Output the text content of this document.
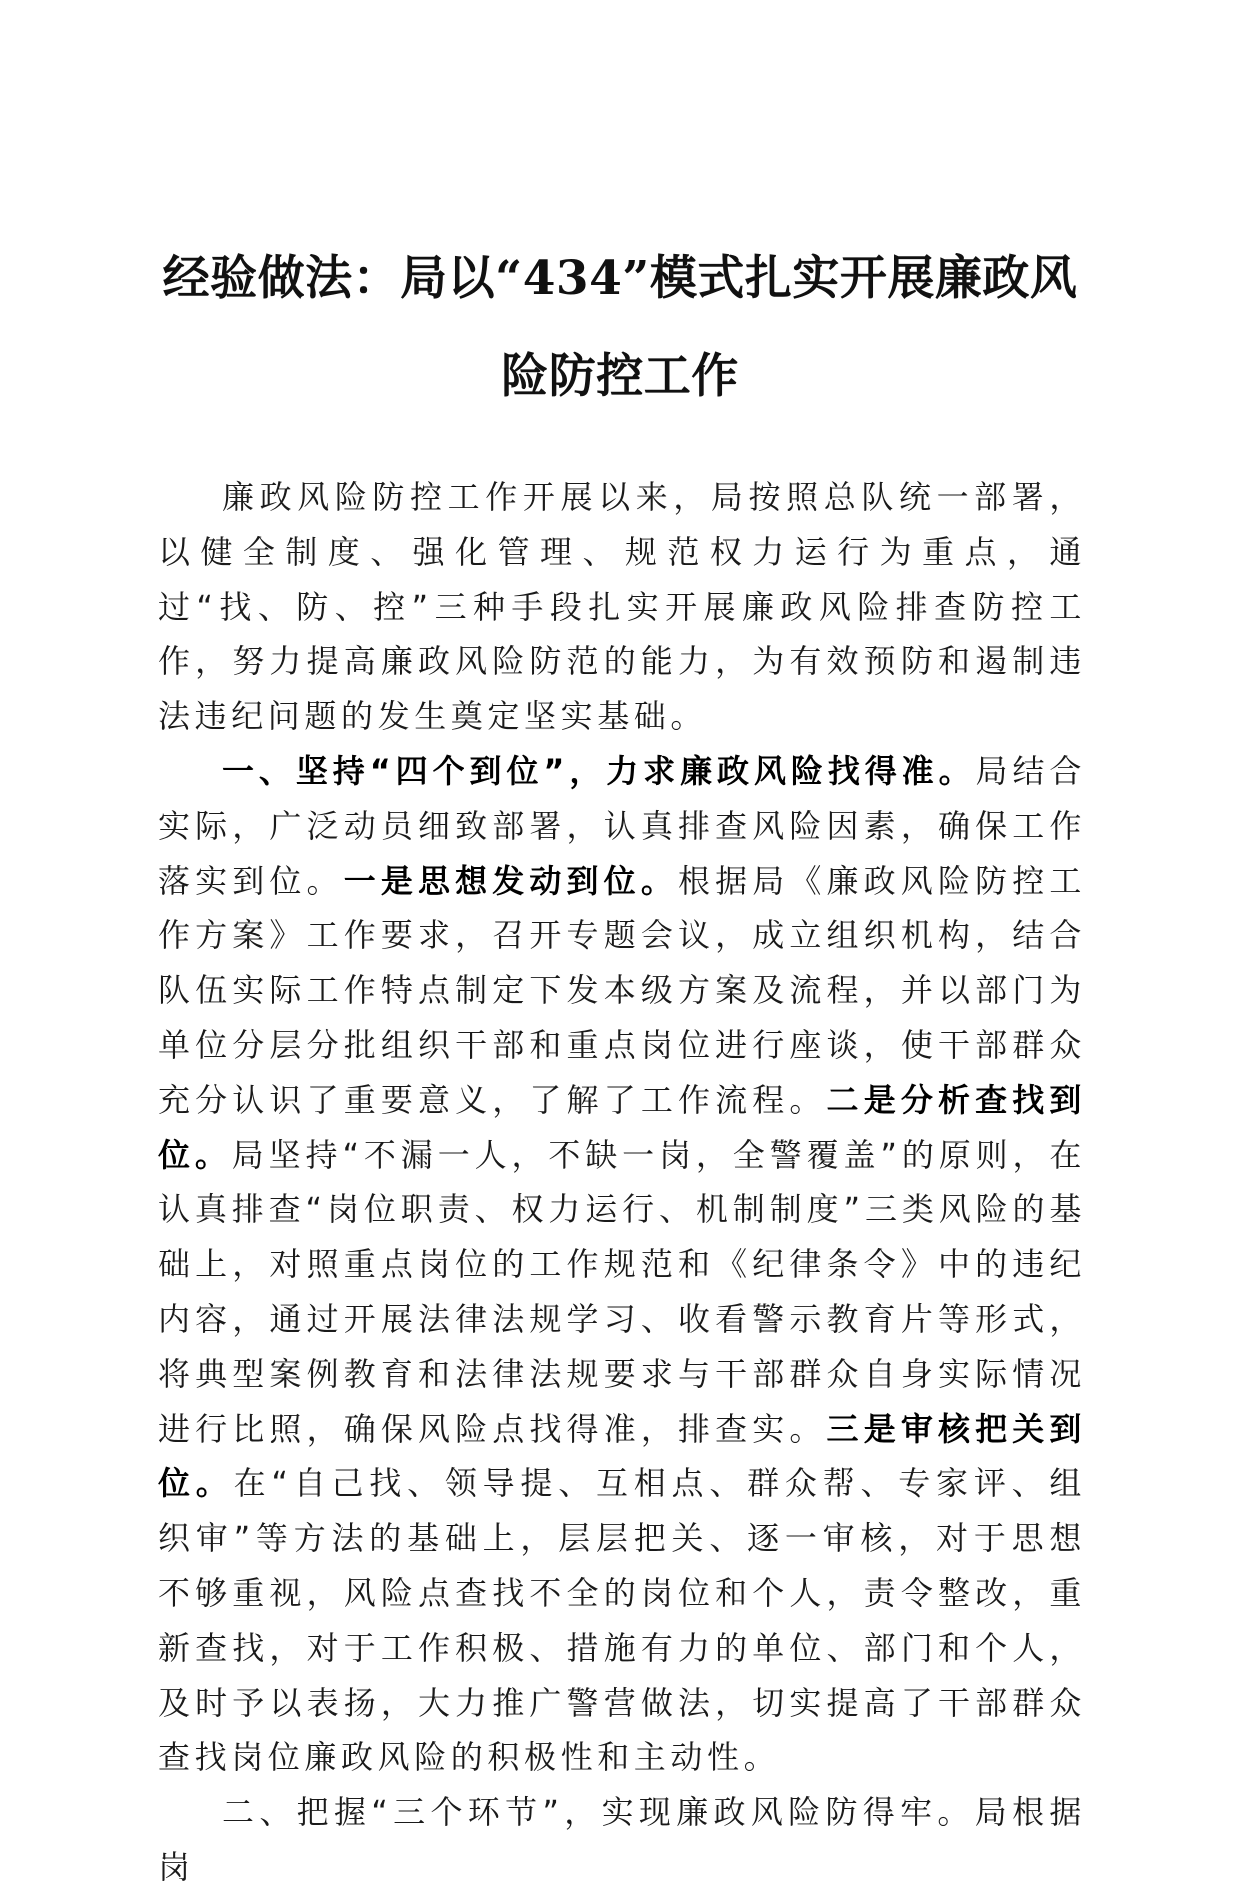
经验做法：局以“434”模式扎实开展廉政风险防控工作

廉政风险防控工作开展以来，局按照总队统一部署，以健全制度、强化管理、规范权力运行为重点，通过“找、防、控”三种手段扎实开展廉政风险排查防控工作，努力提高廉政风险防范的能力，为有效预防和遏制违法违纪问题的发生奠定坚实基础。

一、坚持“四个到位”，力求廉政风险找得准。局结合实际，广泛动员细致部署，认真排查风险因素，确保工作落实到位。一是思想发动到位。根据局《廉政风险防控工作方案》工作要求，召开专题会议，成立组织机构，结合队伍实际工作特点制定下发本级方案及流程，并以部门为单位分层分批组织干部和重点岗位进行座谈，使干部群众充分认识了重要意义，了解了工作流程。二是分析查找到位。局坚持“不漏一人，不缺一岗，全警覆盖”的原则，在认真排查“岗位职责、权力运行、机制制度”三类风险的基础上，对照重点岗位的工作规范和《纪律条令》中的违纪内容，通过开展法律法规学习、收看警示教育片等形式，将典型案例教育和法律法规要求与干部群众自身实际情况进行比照，确保风险点找得准，排查实。三是审核把关到位。在“自己找、领导提、互相点、群众帮、专家评、组织审”等方法的基础上，层层把关、逐一审核，对于思想不够重视，风险点查找不全的岗位和个人，责令整改，重新查找，对于工作积极、措施有力的单位、部门和个人，及时予以表扬，大力推广警营做法，切实提高了干部群众查找岗位廉政风险的积极性和主动性。

二、把握“三个环节”，实现廉政风险防得牢。局根据岗
